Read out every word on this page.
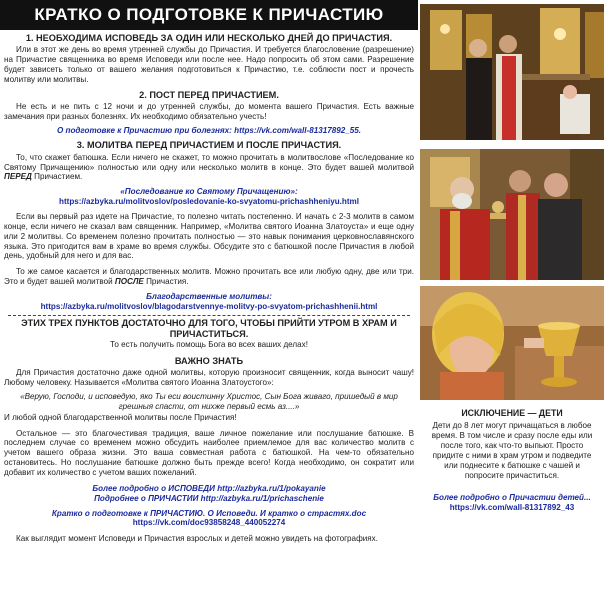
КРАТКО О ПОДГОТОВКЕ К ПРИЧАСТИЮ
1. НЕОБХОДИМА ИСПОВЕДЬ ЗА ОДИН ИЛИ НЕСКОЛЬКО ДНЕЙ ДО ПРИЧАСТИЯ.
Или в этот же день во время утренней службы до Причастия. И требуется благословение (разрешение) на Причастие священника во время Исповеди или после нее. Надо попросить об этом сами. Разрешение будет зависеть только от вашего желания подготовиться к Причастию, т.е. соблюсти пост и прочесть молитву или молитвы.
2. ПОСТ ПЕРЕД ПРИЧАСТИЕМ.
Не есть и не пить с 12 ночи и до утренней службы, до момента вашего Причастия. Есть важные замечания при разных болезнях. Их необходимо обязательно учесть!
О подготовке к Причастию при болезнях: https://vk.com/wall-81317892_55.
3. МОЛИТВА ПЕРЕД ПРИЧАСТИЕМ И ПОСЛЕ ПРИЧАСТИЯ.
То, что скажет батюшка. Если ничего не скажет, то можно прочитать в молитвослове «Последование ко Святому Причащению» полностью или одну или несколько молитв в конце. Это будет вашей молитвой ПЕРЕД Причастием.
«Последование ко Святому Причащению»:
https://azbyka.ru/molitvoslov/posledovanie-ko-svyatomu-prichashheniyu.html
Если вы первый раз идете на Причастие, то полезно читать постепенно. И начать с 2-3 молитв в самом конце, если ничего не сказал вам священник. Например, «Молитва святого Иоанна Златоуста» и еще одну или 2 молитвы. Со временем полезно прочитать полностью — это навык понимания церковнославянского языка. Это пригодится вам в храме во время службы. Обсудите это с батюшкой после Причастия в любой день, удобный для него и для вас.
То же самое касается и благодарственных молитв. Можно прочитать все или любую одну, две или три. Это и будет вашей молитвой ПОСЛЕ Причастия.
Благодарственные молитвы:
https://azbyka.ru/molitvoslov/blagodarstvennye-molitvy-po-svyatom-prichashhenii.html
ЭТИХ ТРЕХ ПУНКТОВ ДОСТАТОЧНО ДЛЯ ТОГО, ЧТОБЫ ПРИЙТИ УТРОМ В ХРАМ И ПРИЧАСТИТЬСЯ.
То есть получить помощь Бога во всех ваших делах!
ВАЖНО ЗНАТЬ
Для Причастия достаточно даже одной молитвы, которую произносит священник, когда выносит чашу! Любому человеку. Называется «Молитва святого Иоанна Златоустого»:
«Верую, Господи, и исповедую, яко Ты еси воистинну Христос, Сын Бога живаго, пришедый в мир грешныя спасти, от нихже первый есмь аз....»
И любой одной благодарственной молитвы после Причастия!
Остальное — это благочестивая традиция, ваше личное пожелание или послушание батюшке. В последнем случае со временем можно обсудить наиболее приемлемое для вас количество молитв с учетом вашего образа жизни. Это ваша совместная работа с батюшкой. На чем-то обязательно остановитесь. Но послушание батюшке должно быть прежде всего! Когда необходимо, он сократит или добавит их количество с учетом ваших пожеланий.
Более подробно о ИСПОВЕДИ http://azbyka.ru/1/pokayanie
Подробнее о ПРИЧАСТИИ http://azbyka.ru/1/prichaschenie
Кратко о подготовке к ПРИЧАСТИЮ. О Исповеди. И кратко о страстях.doc
https://vk.com/doc93858248_440052274
Как выглядит момент Исповеди и Причастия взрослых и детей можно увидеть на фотографиях.
ИСКЛЮЧЕНИЕ — ДЕТИ
Дети до 8 лет могут причащаться в любое время. В том числе и сразу после еды или после того, как что-то выпьют. Просто придите с ними в храм утром и подведите или поднесите к батюшке с чашей и попросите причаститься.
Более подробно о Причастии детей...
https://vk.com/wall-81317892_43
